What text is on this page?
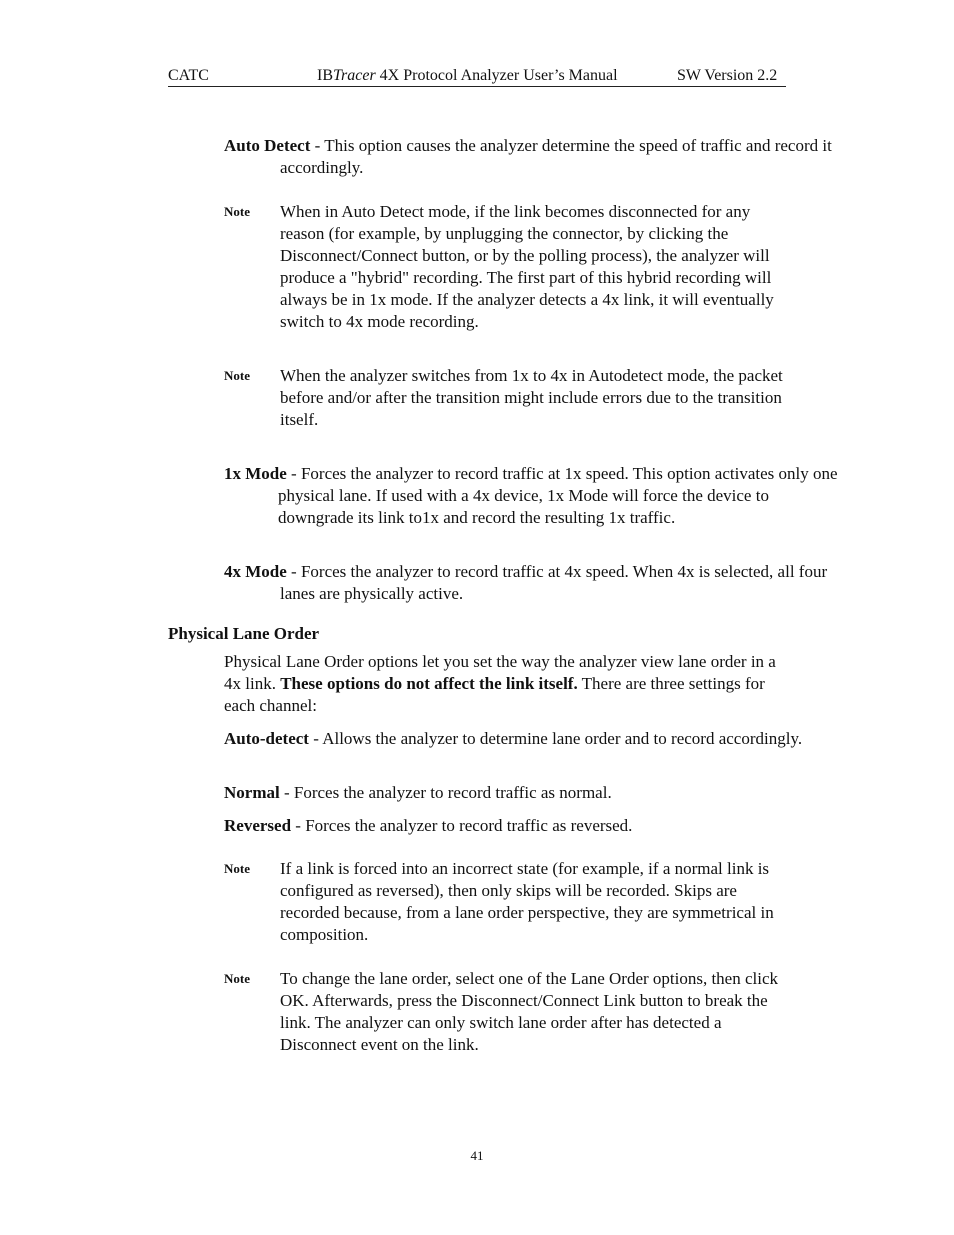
CATC	IBTracer 4X Protocol Analyzer User’s Manual	SW Version 2.2
Auto Detect - This option causes the analyzer determine the speed of traffic and record it accordingly.
Note When in Auto Detect mode, if the link becomes disconnected for any reason (for example, by unplugging the connector, by clicking the Disconnect/Connect button, or by the polling process), the analyzer will produce a "hybrid" recording. The first part of this hybrid recording will always be in 1x mode. If the analyzer detects a 4x link, it will eventually switch to 4x mode recording.
Note When the analyzer switches from 1x to 4x in Autodetect mode, the packet before and/or after the transition might include errors due to the transition itself.
1x Mode - Forces the analyzer to record traffic at 1x speed. This option activates only one physical lane. If used with a 4x device, 1x Mode will force the device to downgrade its link to1x and record the resulting 1x traffic.
4x Mode - Forces the analyzer to record traffic at 4x speed. When 4x is selected, all four lanes are physically active.
Physical Lane Order
Physical Lane Order options let you set the way the analyzer view lane order in a 4x link. These options do not affect the link itself. There are three settings for each channel:
Auto-detect - Allows the analyzer to determine lane order and to record accordingly.
Normal - Forces the analyzer to record traffic as normal.
Reversed - Forces the analyzer to record traffic as reversed.
Note If a link is forced into an incorrect state (for example, if a normal link is configured as reversed), then only skips will be recorded. Skips are recorded because, from a lane order perspective, they are symmetrical in composition.
Note To change the lane order, select one of the Lane Order options, then click OK. Afterwards, press the Disconnect/Connect Link button to break the link. The analyzer can only switch lane order after has detected a Disconnect event on the link.
41
